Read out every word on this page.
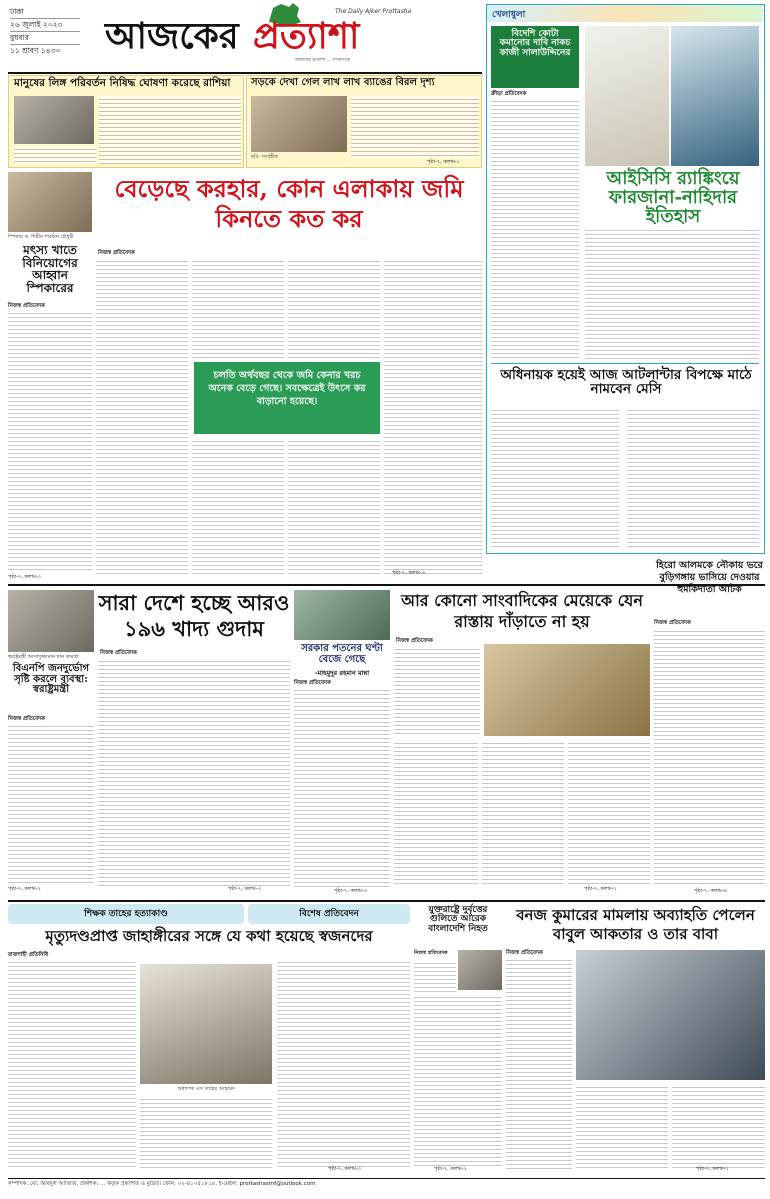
ঢাকা
২৬ জুলাই ২০২৩
বুধবার
১১ শ্রাবণ ১৪৩০	আজকের প্রত্যাশা
The Daily Ajker Prottasha
আমাদের প্রত্যাশা ... সংবাদপত্র
মানুষের লিঙ্গ পরিবর্তন নিষিদ্ধ ঘোষণা করেছে রাশিয়া	সড়কে দেখা গেল লাখ লাখ ব্যাঙের বিরল দৃশ্য
ছবি: সংগৃহীত
পৃষ্ঠা-৭, কলাম-১
খেলাধুলা
বিদেশি কোটা কমানোর দাবি নাকচ কাজী সালাউদ্দিনের
ক্রীড়া প্রতিবেদক
আইসিসি র‍্যাঙ্কিংয়ে ফারজানা-নাহিদার ইতিহাস
অধিনায়ক হয়েই আজ আটলান্টার বিপক্ষে মাঠে নামবেন মেসি
স্পিকার ড. শিরীন শারমিন চৌধুরী
মৎস্য খাতে বিনিয়োগের আহ্বান স্পিকারের
নিজস্ব প্রতিবেদক
পৃষ্ঠা-৭, কলাম-৩
বেড়েছে করহার, কোন এলাকায় জমি কিনতে কত কর
নিজস্ব প্রতিবেদক
চলতি অর্থবছর থেকে জমি কেনার খরচ অনেক বেড়ে গেছে। সবক্ষেত্রেই উৎসে কর বাড়ানো হয়েছে।
পৃষ্ঠা-৭, কলাম-৩
স্বরাষ্ট্রমন্ত্রী আসাদুজ্জামান খান কামাল
বিএনপি জনদুর্ভোগ সৃষ্টি করলে ব্যবস্থা: স্বরাষ্ট্রমন্ত্রী
নিজস্ব প্রতিবেদক
পৃষ্ঠা-৭, কলাম-২
সারা দেশে হচ্ছে আরও ১৯৬ খাদ্য গুদাম
নিজস্ব প্রতিবেদক
পৃষ্ঠা-৭, কলাম-৩
সরকার পতনের ঘণ্টা বেজে গেছে
-মাহমুদুর রহমান মান্না
নিজস্ব প্রতিবেদক
পৃষ্ঠা-৭, কলাম-৩
আর কোনো সাংবাদিকের মেয়েকে যেন রাস্তায় দাঁড়াতে না হয়
নিজস্ব প্রতিবেদক
পৃষ্ঠা-৭, কলাম-১
হিরো আলমকে নৌকায় ভরে বুড়িগঙ্গায় ভাসিয়ে দেওয়ার হুমকিদাতা আটক
নিজস্ব প্রতিবেদক
পৃষ্ঠা-৭, কলাম-৪
শিক্ষক তাহের হত্যাকাণ্ড	বিশেষ প্রতিবেদন
মৃত্যুদণ্ডপ্রাপ্ত জাহাঙ্গীরের সঙ্গে যে কথা হয়েছে স্বজনদের
রাজশাহী প্রতিনিধি
অধ্যাপক এস তাহের আহমেদ
পৃষ্ঠা-৭, কলাম-৩
যুক্তরাষ্ট্রে দুর্বৃত্তের গুলিতে আরেক বাংলাদেশি নিহত
নিজস্ব প্রতিবেদক
পৃষ্ঠা-৭, কলাম-২
বনজ কুমারের মামলায় অব্যাহতি পেলেন বাবুল আকতার ও তার বাবা
নিজস্ব প্রতিবেদক
পৃষ্ঠা-৭, কলাম-১
সম্পাদক: মো. আবদুল আজিজ, প্রকাশক: ... কর্তৃক প্রকাশিত ও মুদ্রিত। ফোন: ০২-৪১০৫১৮১৮, ই-মেইল: prottashasmf@outlook.com
